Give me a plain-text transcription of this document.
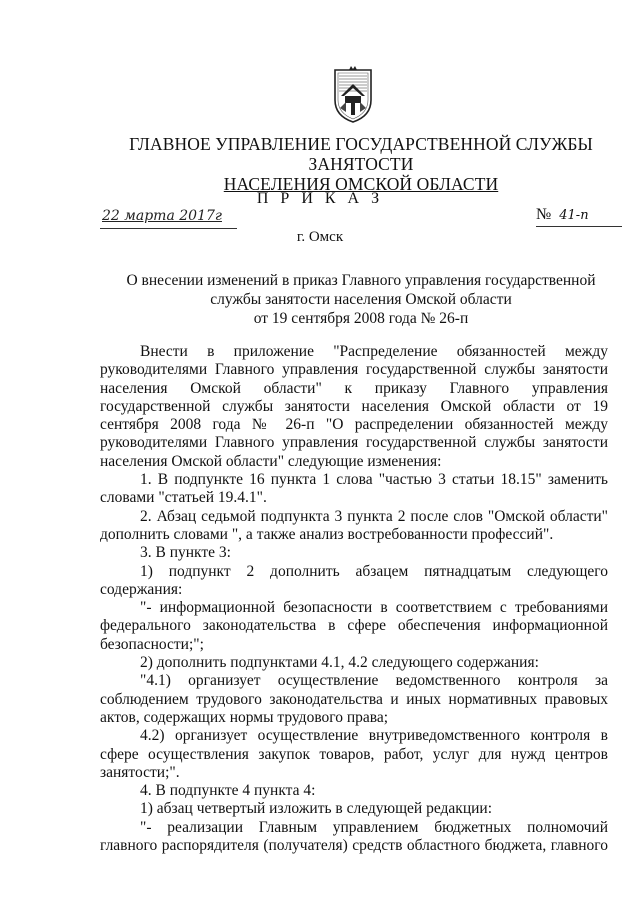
ГЛАВНОЕ УПРАВЛЕНИЕ ГОСУДАРСТВЕННОЙ СЛУЖБЫ ЗАНЯТОСТИ
НАСЕЛЕНИЯ ОМСКОЙ ОБЛАСТИ
П Р И К А З
22 марта 2017г	№ 41-п
г. Омск
О внесении изменений в приказ Главного управления государственной
службы занятости населения Омской области
от 19 сентября 2008 года № 26-п

Внести в приложение "Распределение обязанностей между руководителями Главного управления государственной службы занятости населения Омской области" к приказу Главного управления государственной службы занятости населения Омской области от 19 сентября 2008 года № 26-п "О распределении обязанностей между руководителями Главного управления государственной службы занятости населения Омской области" следующие изменения:

1. В подпункте 16 пункта 1 слова "частью 3 статьи 18.15" заменить словами "статьей 19.4.1".

2. Абзац седьмой подпункта 3 пункта 2 после слов "Омской области" дополнить словами ", а также анализ востребованности профессий".

3. В пункте 3:

1) подпункт 2 дополнить абзацем пятнадцатым следующего содержания:

"- информационной безопасности в соответствием с требованиями федерального законодательства в сфере обеспечения информационной безопасности;";

2) дополнить подпунктами 4.1, 4.2 следующего содержания:

"4.1) организует осуществление ведомственного контроля за соблюдением трудового законодательства и иных нормативных правовых актов, содержащих нормы трудового права;

4.2) организует осуществление внутриведомственного контроля в сфере осуществления закупок товаров, работ, услуг для нужд центров занятости;".

4. В подпункте 4 пункта 4:

1) абзац четвертый изложить в следующей редакции:

"- реализации Главным управлением бюджетных полномочий главного распорядителя (получателя) средств областного бюджета, главного
